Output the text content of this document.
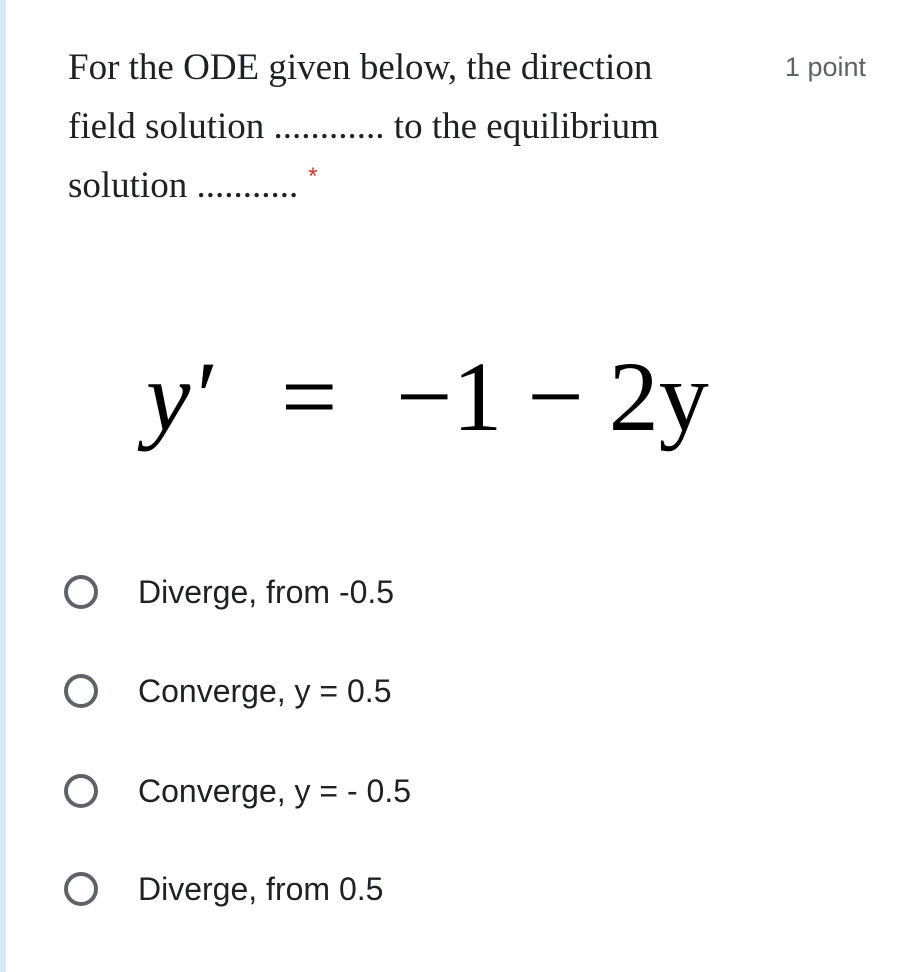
For the ODE given below, the direction field solution ............ to the equilibrium solution ........... *
1 point
y′ = −1 − 2y
Diverge, from -0.5
Converge, y = 0.5
Converge, y = - 0.5
Diverge, from 0.5
